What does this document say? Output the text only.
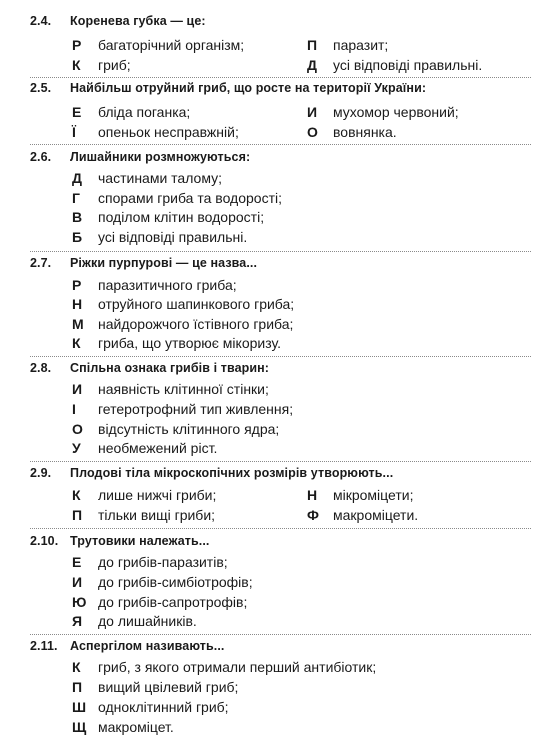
2.4. Коренева губка — це:
Р багаторічний організм;	П паразит;
К гриб;	Д усі відповіді правильні.
2.5. Найбільш отруйний гриб, що росте на території України:
Е бліда поганка;	И мухомор червоний;
Ї опеньок несправжній;	О вовнянка.
2.6. Лишайники розмножуються:
Д частинами талому;
Г спорами гриба та водорості;
В поділом клітин водорості;
Б усі відповіді правильні.
2.7. Ріжки пурпурові — це назва...
Р паразитичного гриба;
Н отруйного шапинкового гриба;
М найдорожчого їстівного гриба;
К гриба, що утворює мікоризу.
2.8. Спільна ознака грибів і тварин:
И наявність клітинної стінки;
І гетеротрофний тип живлення;
О відсутність клітинного ядра;
У необмежений ріст.
2.9. Плодові тіла мікроскопічних розмірів утворюють...
К лише нижчі гриби;	Н мікроміцети;
П тільки вищі гриби;	Ф макроміцети.
2.10. Трутовики належать...
Е до грибів-паразитів;
И до грибів-симбіотрофів;
Ю до грибів-сапротрофів;
Я до лишайників.
2.11. Аспергілом називають...
К гриб, з якого отримали перший антибіотик;
П вищий цвілевий гриб;
Ш одноклітинний гриб;
Щ макроміцет.
